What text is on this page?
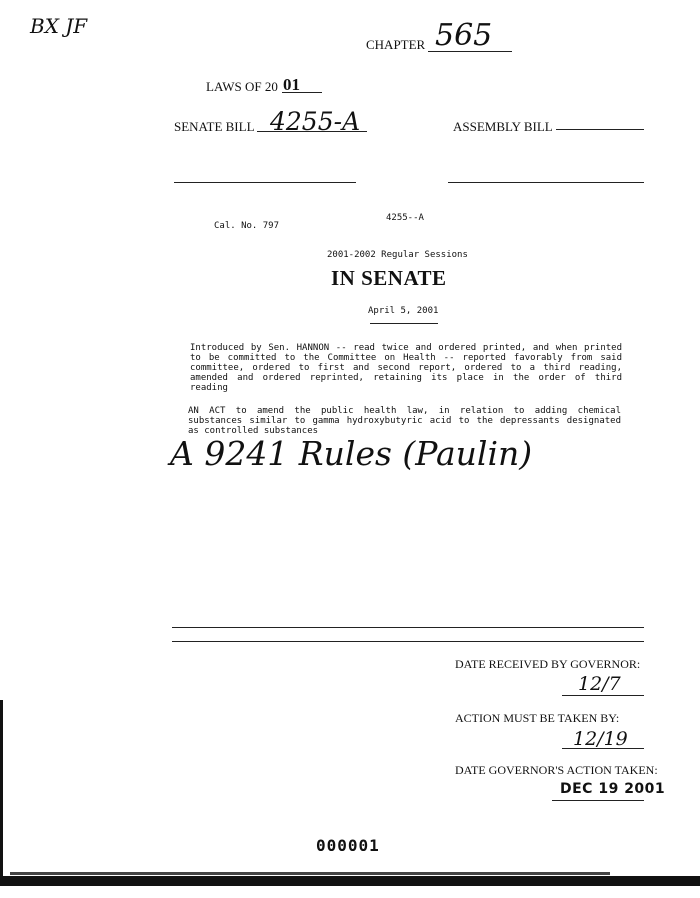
BX JF
CHAPTER 565
LAWS OF 20 01
SENATE BILL 4255-A	ASSEMBLY BILL
Cal. No. 797
4255--A
2001-2002 Regular Sessions
IN SENATE
April 5, 2001
Introduced by Sen. HANNON -- read twice and ordered printed, and when printed to be committed to the Committee on Health -- reported favorably from said committee, ordered to first and second report, ordered to a third reading, amended and ordered reprinted, retaining its place in the order of third reading
AN ACT to amend the public health law, in relation to adding chemical substances similar to gamma hydroxybutyric acid to the depressants designated as controlled substances
A 9241 Rules (Paulin)
DATE RECEIVED BY GOVERNOR:
12/7
ACTION MUST BE TAKEN BY:
12/19
DATE GOVERNOR'S ACTION TAKEN:
DEC 19 2001
000001
